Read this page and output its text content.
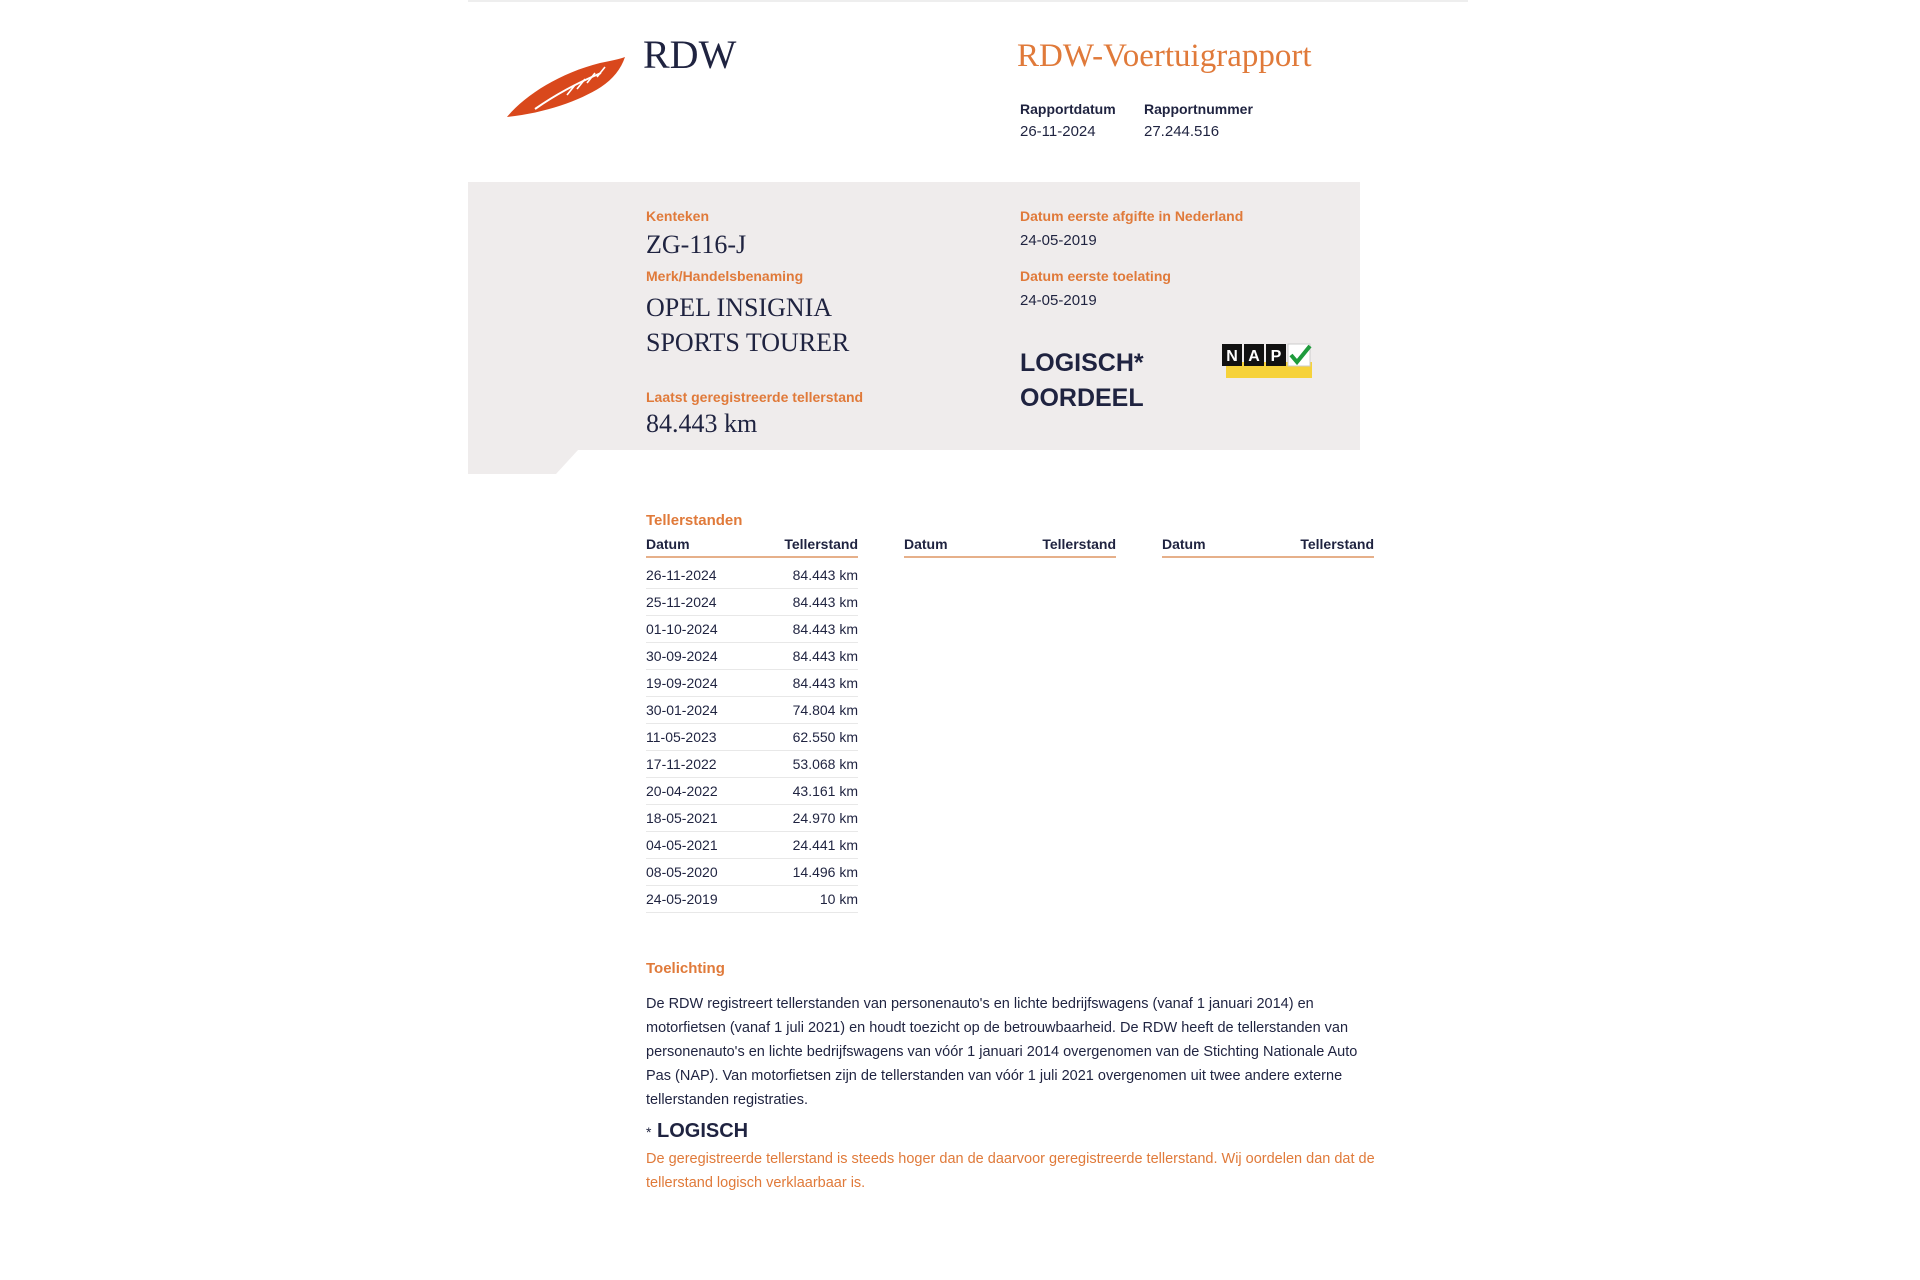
RDW	RDW-Voertuigrapport
Rapportdatum
26-11-2024
Rapportnummer
27.244.516
Kenteken
ZG-116-J
Merk/Handelsbenaming
OPEL INSIGNIA
SPORTS TOURER
Laatst geregistreerde tellerstand
84.443 km
Datum eerste afgifte in Nederland
24-05-2019
Datum eerste toelating
24-05-2019
LOGISCH*
OORDEEL
N A P
Tellerstanden
Datum	Tellerstand	Datum	Tellerstand	Datum	Tellerstand
26-11-2024	84.443 km
25-11-2024	84.443 km
01-10-2024	84.443 km
30-09-2024	84.443 km
19-09-2024	84.443 km
30-01-2024	74.804 km
11-05-2023	62.550 km
17-11-2022	53.068 km
20-04-2022	43.161 km
18-05-2021	24.970 km
04-05-2021	24.441 km
08-05-2020	14.496 km
24-05-2019	10 km
Toelichting
De RDW registreert tellerstanden van personenauto's en lichte bedrijfswagens (vanaf 1 januari 2014) en motorfietsen (vanaf 1 juli 2021) en houdt toezicht op de betrouwbaarheid. De RDW heeft de tellerstanden van personenauto's en lichte bedrijfswagens van vóór 1 januari 2014 overgenomen van de Stichting Nationale Auto Pas (NAP). Van motorfietsen zijn de tellerstanden van vóór 1 juli 2021 overgenomen uit twee andere externe tellerstanden registraties.
* LOGISCH
De geregistreerde tellerstand is steeds hoger dan de daarvoor geregistreerde tellerstand. Wij oordelen dan dat de tellerstand logisch verklaarbaar is.
